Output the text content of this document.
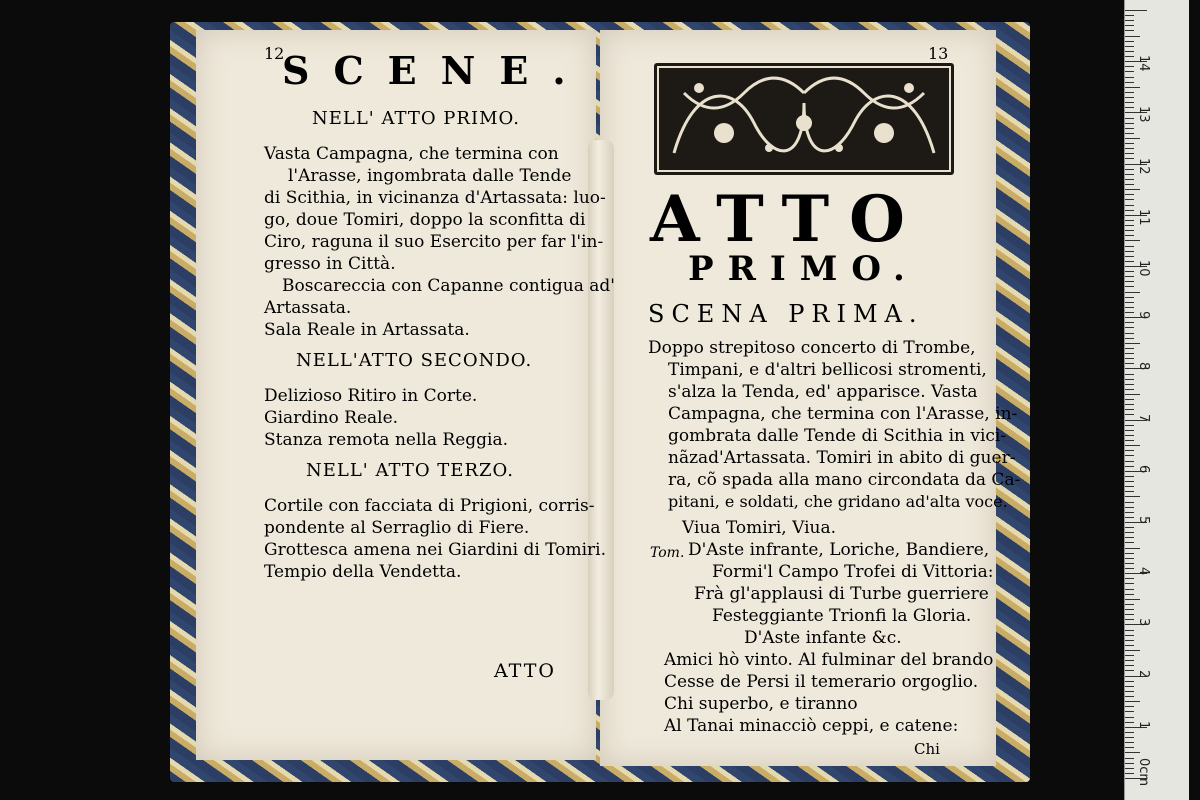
12
SCENE.
NELL' ATTO PRIMO.
Vasta Campagna, che termina con
l'Arasse, ingombrata dalle Tende
di Scithia, in vicinanza d'Artassata: luo-
go, doue Tomiri, doppo la sconfitta di
Ciro, raguna il suo Esercito per far l'in-
gresso in Città.
Boscareccia con Capanne contigua ad'
Artassata.
Sala Reale in Artassata.
NELL'ATTO SECONDO.
Delizioso Ritiro in Corte.
Giardino Reale.
Stanza remota nella Reggia.
NELL' ATTO TERZO.
Cortile con facciata di Prigioni, corris-
pondente al Serraglio di Fiere.
Grottesca amena nei Giardini di Tomiri.
Tempio della Vendetta.
ATTO
13
ATTO
PRIMO.
SCENA PRIMA.
Doppo strepitoso concerto di Trombe,
Timpani, e d'altri bellicosi stromenti,
s'alza la Tenda, ed' apparisce. Vasta
Campagna, che termina con l'Arasse, in-
gombrata dalle Tende di Scithia in vici-
nãzad'Artassata. Tomiri in abito di guer-
ra, cõ spada alla mano circondata da Ca-
pitani, e soldati, che gridano ad'alta voce.
Viua Tomiri, Viua.
Tom. D'Aste infrante, Loriche, Bandiere,
Formi'l Campo Trofei di Vittoria:
Frà gl'applausi di Turbe guerriere
Festeggiante Trionfi la Gloria.
D'Aste infante &c.
Amici hò vinto. Al fulminar del brando
Cesse de Persi il temerario orgoglio.
Chi superbo, e tiranno
Al Tanai minacciò ceppi, e catene:
Chi
0cm
1
2
3
4
5
6
7
8
9
10
11
12
13
14
